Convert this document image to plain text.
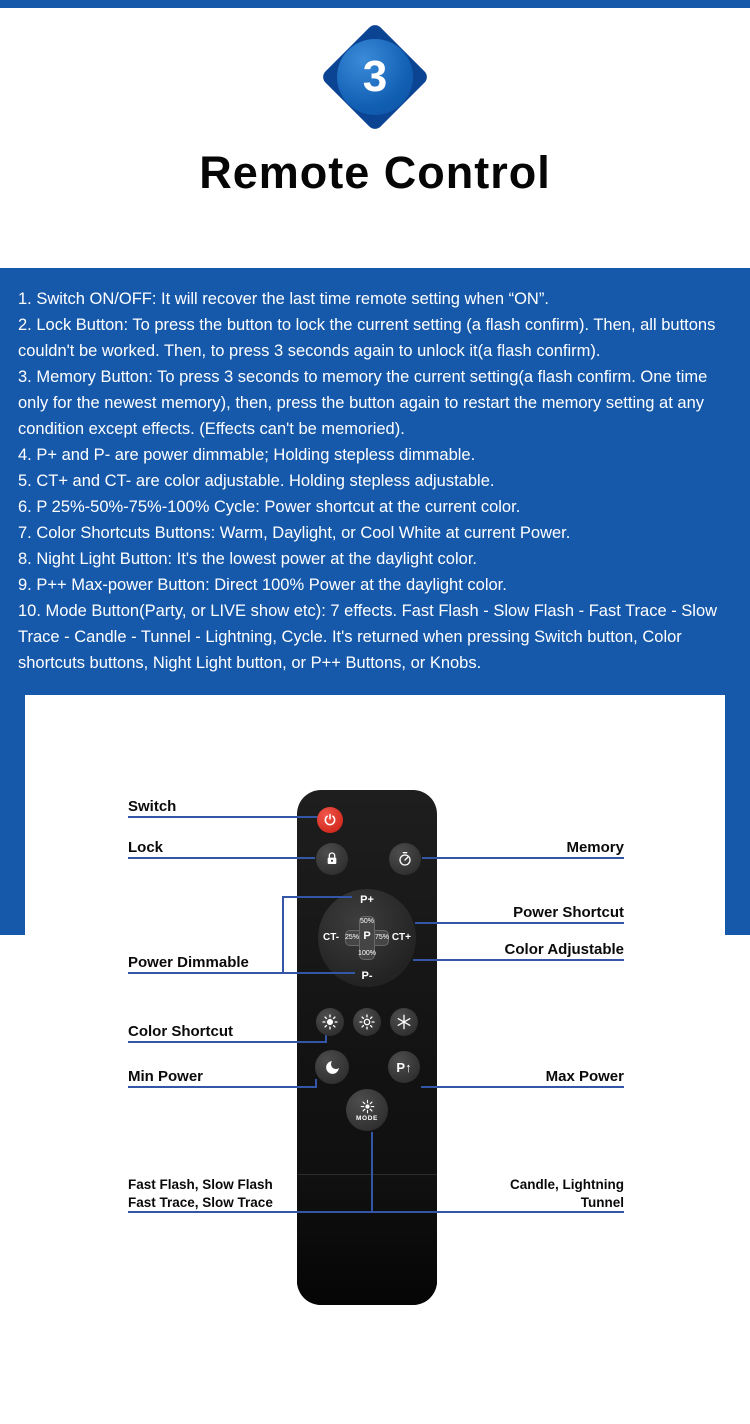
3
Remote Control

1. Switch ON/OFF: It will recover the last time remote setting when “ON”.

2. Lock Button: To press the button to lock the current setting (a flash confirm). Then, all buttons couldn't be worked. Then, to press 3 seconds again to unlock it(a flash confirm).

3. Memory Button: To press 3 seconds to memory the current setting(a flash confirm. One time only for the newest memory), then, press the button again to restart the memory setting at any condition except effects. (Effects can't be memoried).

4. P+ and P- are power dimmable; Holding stepless dimmable.

5. CT+ and CT- are color adjustable. Holding stepless adjustable.

6. P 25%-50%-75%-100% Cycle: Power shortcut at the current color.

7. Color Shortcuts Buttons: Warm, Daylight, or Cool White at current Power.

8. Night Light Button: It's the lowest power at the daylight color.

9. P++ Max-power Button: Direct 100% Power at the daylight color.

10. Mode Button(Party, or LIVE show etc): 7 effects. Fast Flash - Slow Flash - Fast Trace - Slow Trace - Candle - Tunnel - Lightning, Cycle. It's returned when pressing Switch button, Color shortcuts buttons, Night Light button, or P++ Buttons, or Knobs.

Switch
Lock
Power Dimmable
Color Shortcut
Min Power
Fast Flash, Slow Flash
Fast Trace, Slow Trace
Memory
Power Shortcut
Color Adjustable
Max Power
Candle, Lightning
Tunnel
P+
P-
CT-	CT+
50%
25% 75%
100%
P
P↑
MODE
